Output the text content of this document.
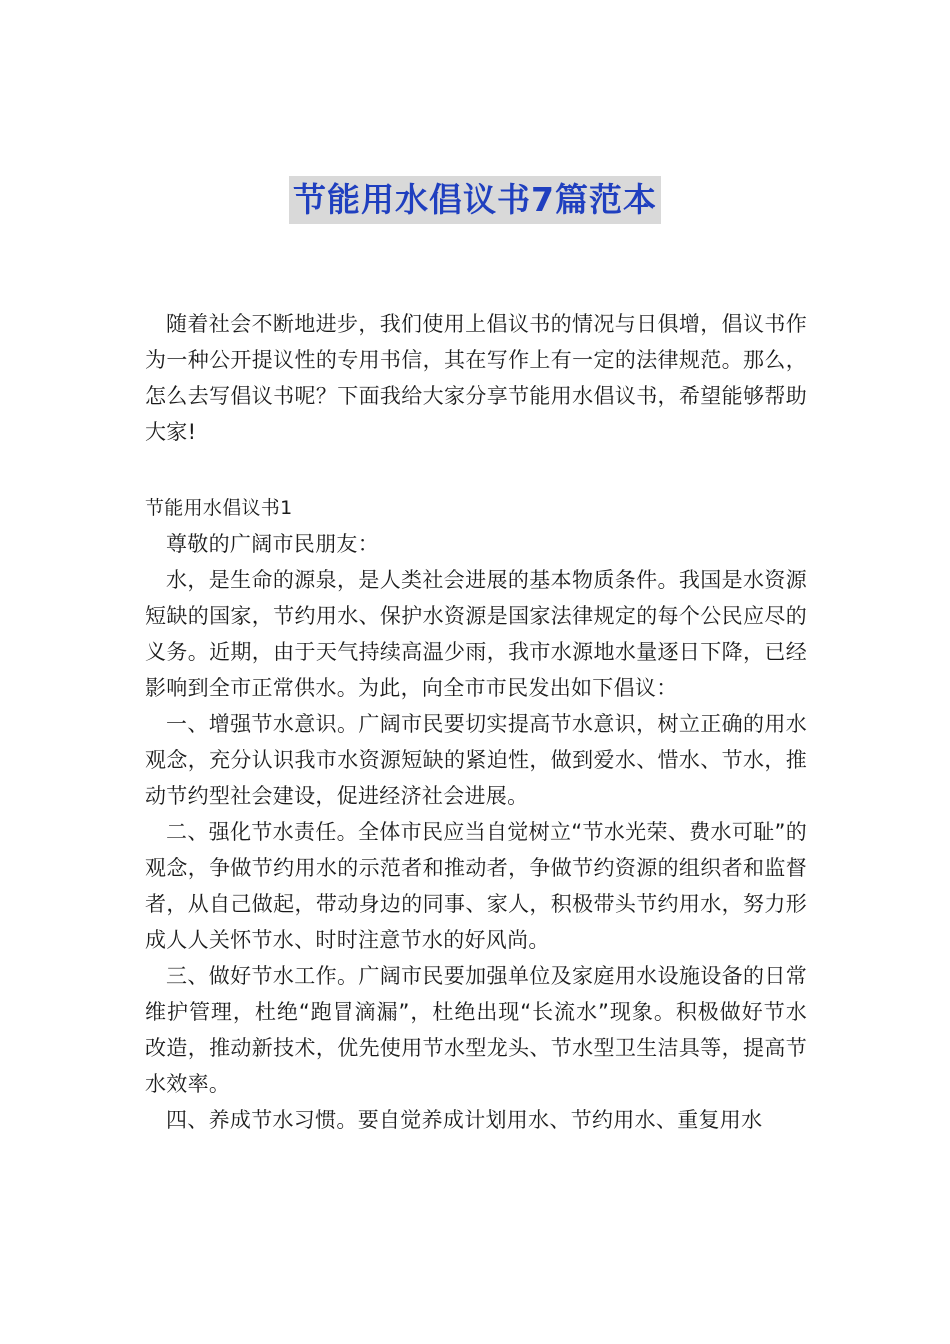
节能用水倡议书7篇范本

随着社会不断地进步，我们使用上倡议书的情况与日俱增，倡议书作为一种公开提议性的专用书信，其在写作上有一定的法律规范。那么，怎么去写倡议书呢？下面我给大家分享节能用水倡议书，希望能够帮助大家!

节能用水倡议书1

尊敬的广阔市民朋友：

水，是生命的源泉，是人类社会进展的基本物质条件。我国是水资源短缺的国家，节约用水、保护水资源是国家法律规定的每个公民应尽的义务。近期，由于天气持续高温少雨，我市水源地水量逐日下降，已经影响到全市正常供水。为此，向全市市民发出如下倡议：

一、增强节水意识。广阔市民要切实提高节水意识，树立正确的用水观念，充分认识我市水资源短缺的紧迫性，做到爱水、惜水、节水，推动节约型社会建设，促进经济社会进展。

二、强化节水责任。全体市民应当自觉树立“节水光荣、费水可耻”的观念，争做节约用水的示范者和推动者，争做节约资源的组织者和监督者，从自己做起，带动身边的同事、家人，积极带头节约用水，努力形成人人关怀节水、时时注意节水的好风尚。

三、做好节水工作。广阔市民要加强单位及家庭用水设施设备的日常维护管理，杜绝“跑冒滴漏”，杜绝出现“长流水”现象。积极做好节水改造，推动新技术，优先使用节水型龙头、节水型卫生洁具等，提高节水效率。

四、养成节水习惯。要自觉养成计划用水、节约用水、重复用水
